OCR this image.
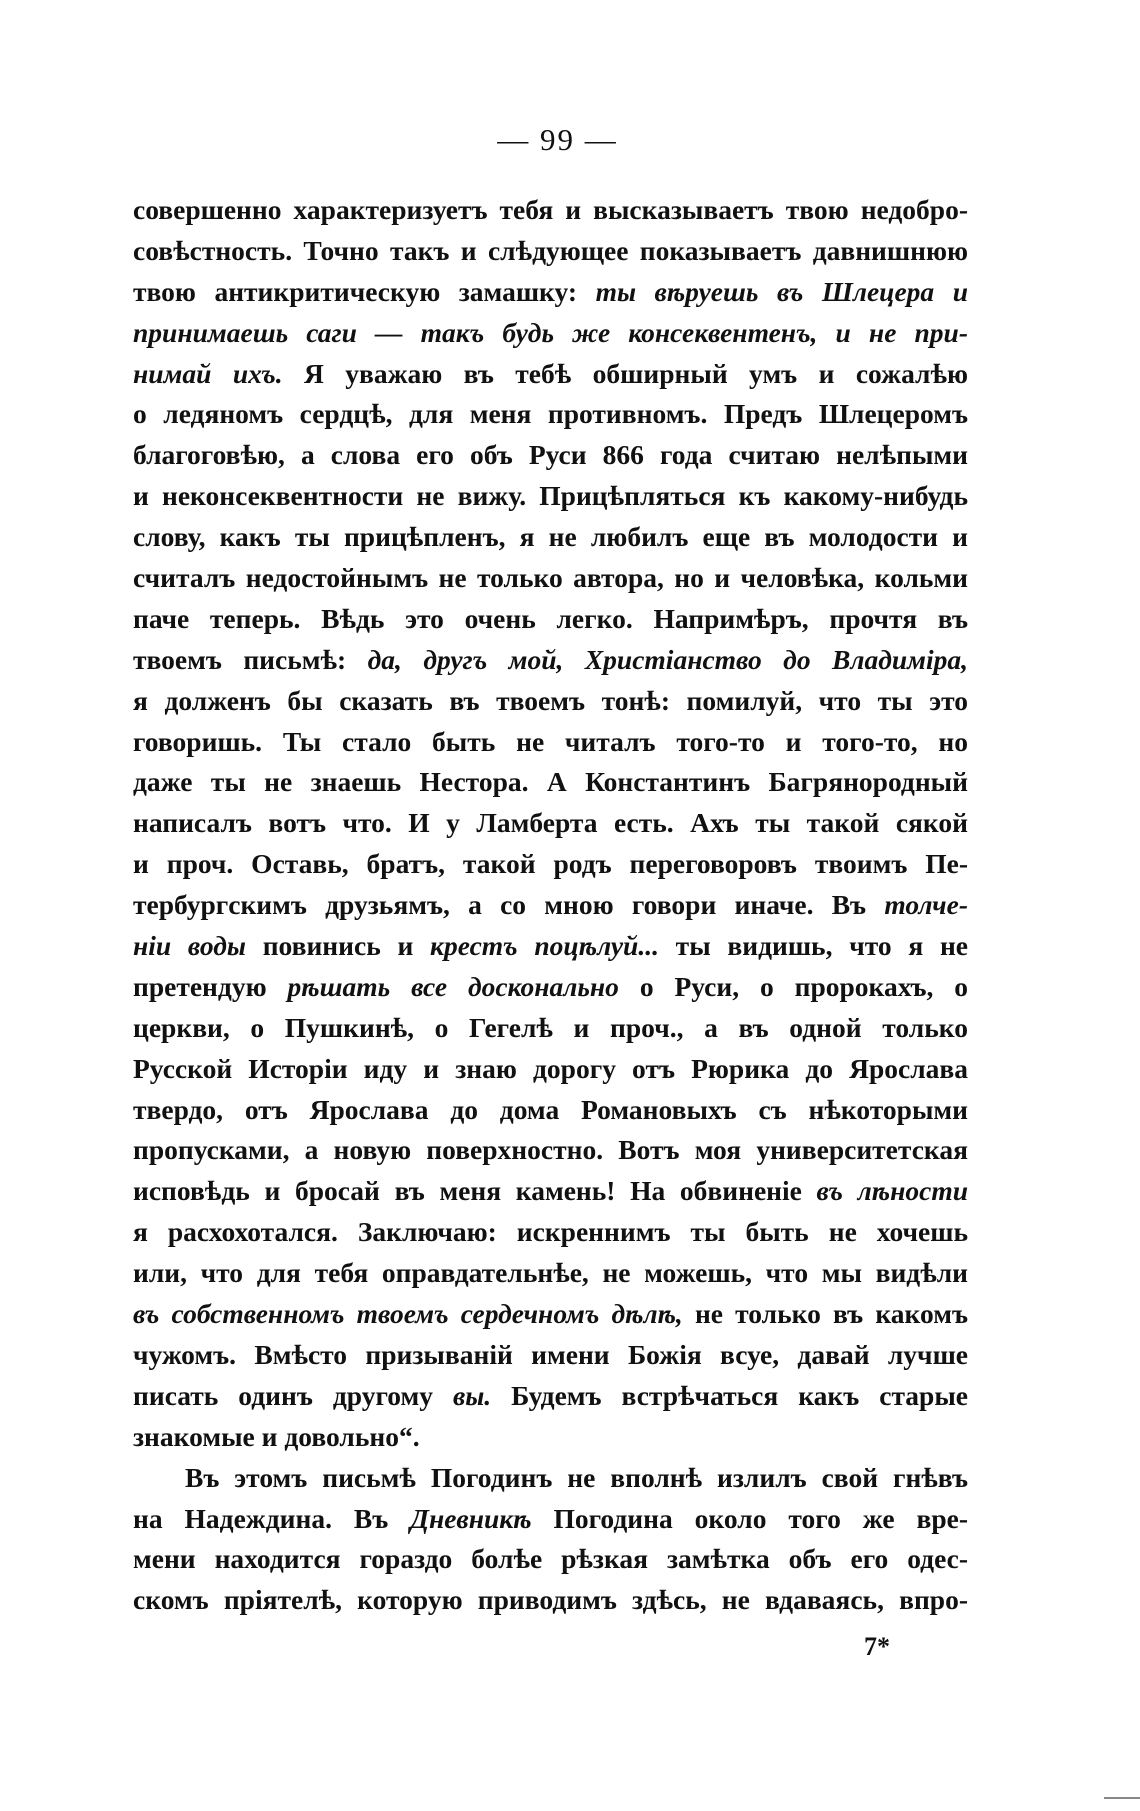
— 99 —
совершенно характеризуетъ тебя и высказываетъ твою недобро-
совѣстность. Точно такъ и слѣдующее показываетъ давнишнюю
твою антикритическую замашку: ты вѣруешь въ Шлецера и
принимаешь саги — такъ будь же консеквентенъ, и не при-
нимай ихъ. Я уважаю въ тебѣ обширный умъ и сожалѣю
о ледяномъ сердцѣ, для меня противномъ. Предъ Шлецеромъ
благоговѣю, а слова его объ Руси 866 года считаю нелѣпыми
и неконсеквентности не вижу. Прицѣпляться къ какому-нибудь
слову, какъ ты прицѣпленъ, я не любилъ еще въ молодости и
считалъ недостойнымъ не только автора, но и человѣка, кольми
паче теперь. Вѣдь это очень легко. Напримѣръ, прочтя въ
твоемъ письмѣ: да, другъ мой, Христіанство до Владиміра,
я долженъ бы сказать въ твоемъ тонѣ: помилуй, что ты это
говоришь. Ты стало быть не читалъ того-то и того-то, но
даже ты не знаешь Нестора. А Константинъ Багрянородный
написалъ вотъ что. И у Ламберта есть. Ахъ ты такой сякой
и проч. Оставь, братъ, такой родъ переговоровъ твоимъ Пе-
тербургскимъ друзьямъ, а со мною говори иначе. Въ толче-
ніи воды повинись и крестъ поцѣлуй... ты видишь, что я не
претендую рѣшать все досконально о Руси, о пророкахъ, о
церкви, о Пушкинѣ, о Гегелѣ и проч., а въ одной только
Русской Исторіи иду и знаю дорогу отъ Рюрика до Ярослава
твердо, отъ Ярослава до дома Романовыхъ съ нѣкоторыми
пропусками, а новую поверхностно. Вотъ моя университетская
исповѣдь и бросай въ меня камень! На обвиненіе въ лѣности
я расхохотался. Заключаю: искреннимъ ты быть не хочешь
или, что для тебя оправдательнѣе, не можешь, что мы видѣли
въ собственномъ твоемъ сердечномъ дѣлѣ, не только въ какомъ
чужомъ. Вмѣсто призываній имени Божія всуе, давай лучше
писать одинъ другому вы. Будемъ встрѣчаться какъ старые
знакомые и довольно“.
Въ этомъ письмѣ Погодинъ не вполнѣ излилъ свой гнѣвъ
на Надеждина. Въ Дневникѣ Погодина около того же вре-
мени находится гораздо болѣе рѣзкая замѣтка объ его одес-
скомъ пріятелѣ, которую приводимъ здѣсь, не вдаваясь, впро-
7*
